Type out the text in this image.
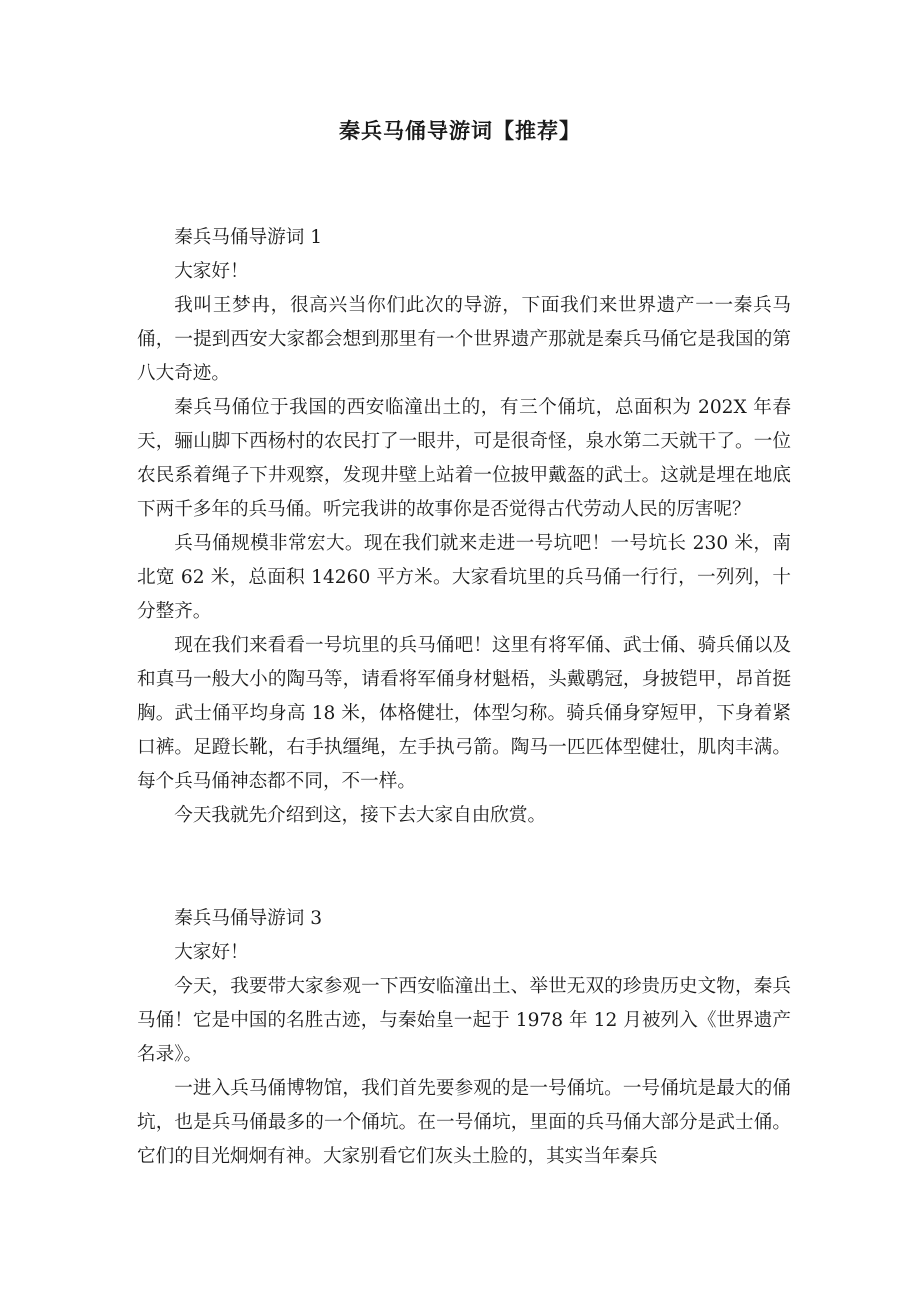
秦兵马俑导游词【推荐】

秦兵马俑导游词 1

大家好！

我叫王梦冉，很高兴当你们此次的导游，下面我们来世界遗产一一秦兵马俑，一提到西安大家都会想到那里有一个世界遗产那就是秦兵马俑它是我国的第八大奇迹。

秦兵马俑位于我国的西安临潼出土的，有三个俑坑，总面积为 202X 年春天，骊山脚下西杨村的农民打了一眼井，可是很奇怪，泉水第二天就干了。一位农民系着绳子下井观察，发现井壁上站着一位披甲戴盔的武士。这就是埋在地底下两千多年的兵马俑。听完我讲的故事你是否觉得古代劳动人民的厉害呢？

兵马俑规模非常宏大。现在我们就来走进一号坑吧！一号坑长 230 米，南北宽 62 米，总面积 14260 平方米。大家看坑里的兵马俑一行行，一列列，十分整齐。

现在我们来看看一号坑里的兵马俑吧！这里有将军俑、武士俑、骑兵俑以及和真马一般大小的陶马等，请看将军俑身材魁梧，头戴鹖冠，身披铠甲，昂首挺胸。武士俑平均身高 18 米，体格健壮，体型匀称。骑兵俑身穿短甲，下身着紧口裤。足蹬长靴，右手执缰绳，左手执弓箭。陶马一匹匹体型健壮，肌肉丰满。每个兵马俑神态都不同，不一样。

今天我就先介绍到这，接下去大家自由欣赏。

秦兵马俑导游词 3

大家好！

今天，我要带大家参观一下西安临潼出土、举世无双的珍贵历史文物，秦兵马俑！它是中国的名胜古迹，与秦始皇一起于 1978 年 12 月被列入《世界遗产名录》。

一进入兵马俑博物馆，我们首先要参观的是一号俑坑。一号俑坑是最大的俑坑，也是兵马俑最多的一个俑坑。在一号俑坑，里面的兵马俑大部分是武士俑。它们的目光炯炯有神。大家别看它们灰头土脸的，其实当年秦兵
